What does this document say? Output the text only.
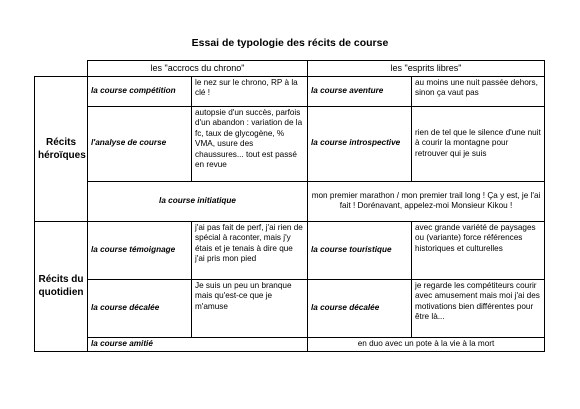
Essai de typologie des récits de course
	les "accrocs du chrono"		les "esprits libres"	
Récits héroïques	la course compétition	le nez sur le chrono, RP à la clé !	la course aventure	au moins une nuit passée dehors, sinon ça vaut pas
	l'analyse de course	autopsie d'un succès, parfois d'un abandon : variation de la fc, taux de glycogène, % VMA, usure des chaussures... tout est passé en revue	la course introspective	rien de tel que le silence d'une nuit à courir la montagne pour retrouver qui je suis
	la course initiatique		mon premier marathon / mon premier trail long ! Ça y est, je l'ai fait ! Dorénavant, appelez-moi Monsieur Kikou !	
Récits du quotidien	la course témoignage	j'ai pas fait de perf, j'ai rien de spécial à raconter, mais j'y étais et je tenais à dire que j'ai pris mon pied	la course touristique	avec grande variété de paysages ou (variante) force références historiques et culturelles
	la course décalée	Je suis un peu un branque mais qu'est-ce que je m'amuse	la course décalée	je regarde les compétiteurs courir avec amusement mais moi j'ai des motivations bien différentes pour être là...
	la course amitié		en duo avec un pote à la vie à la mort	
